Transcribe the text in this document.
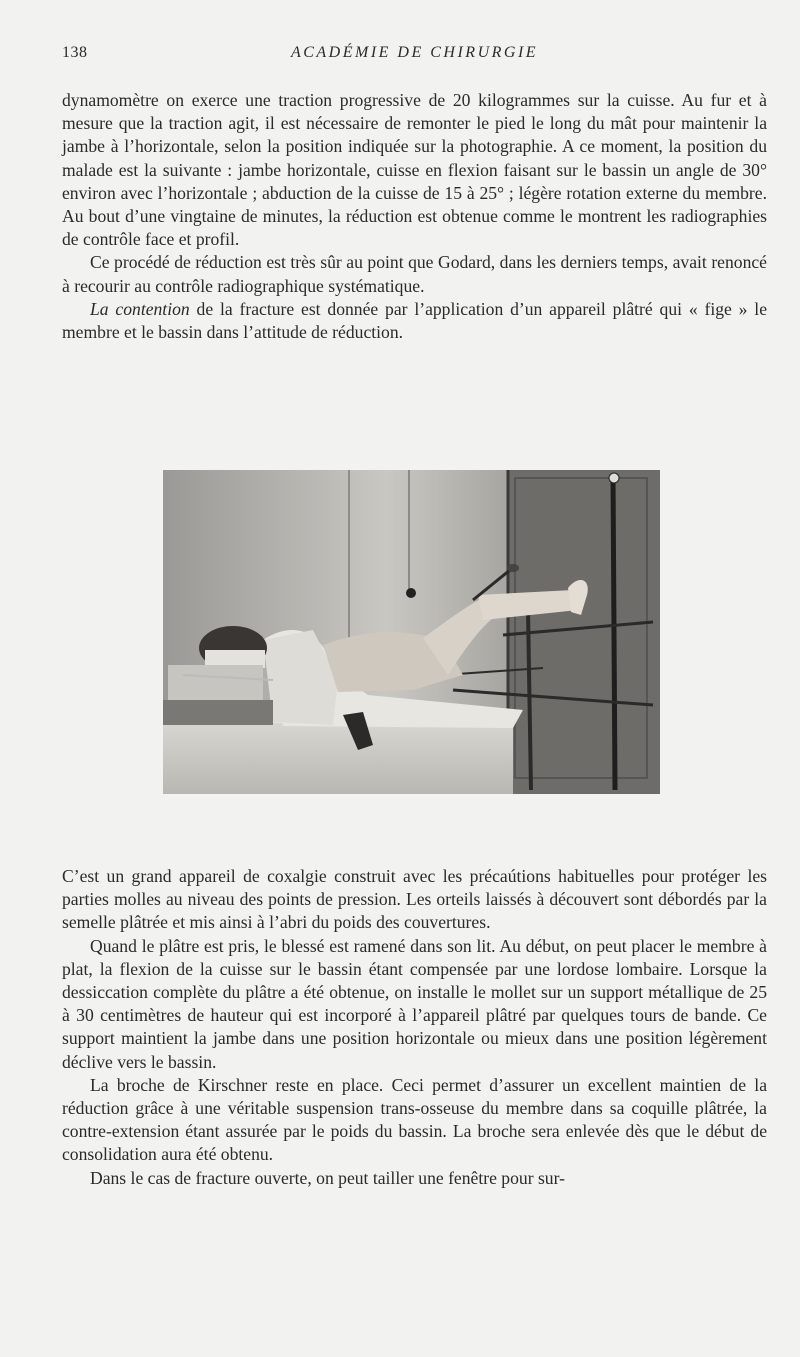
138	ACADÉMIE DE CHIRURGIE

dynamomètre on exerce une traction progressive de 20 kilogrammes sur la cuisse. Au fur et à mesure que la traction agit, il est nécessaire de remonter le pied le long du mât pour maintenir la jambe à l’horizontale, selon la position indiquée sur la photographie. A ce moment, la position du malade est la suivante : jambe horizontale, cuisse en flexion faisant sur le bassin un angle de 30° environ avec l’horizontale ; abduction de la cuisse de 15 à 25° ; légère rotation externe du membre. Au bout d’une vingtaine de minutes, la réduction est obtenue comme le montrent les radiographies de contrôle face et profil.

Ce procédé de réduction est très sûr au point que Godard, dans les derniers temps, avait renoncé à recourir au contrôle radiographique systématique.

La contention de la fracture est donnée par l’application d’un appareil plâtré qui « fige » le membre et le bassin dans l’attitude de réduction.

C’est un grand appareil de coxalgie construit avec les précaútions habituelles pour protéger les parties molles au niveau des points de pression. Les orteils laissés à découvert sont débordés par la semelle plâtrée et mis ainsi à l’abri du poids des couvertures.

Quand le plâtre est pris, le blessé est ramené dans son lit. Au début, on peut placer le membre à plat, la flexion de la cuisse sur le bassin étant compensée par une lordose lombaire. Lorsque la dessiccation complète du plâtre a été obtenue, on installe le mollet sur un support métallique de 25 à 30 centimètres de hauteur qui est incorporé à l’appareil plâtré par quelques tours de bande. Ce support maintient la jambe dans une position horizontale ou mieux dans une position légèrement déclive vers le bassin.

La broche de Kirschner reste en place. Ceci permet d’assurer un excellent maintien de la réduction grâce à une véritable suspension trans-osseuse du membre dans sa coquille plâtrée, la contre-extension étant assurée par le poids du bassin. La broche sera enlevée dès que le début de consolidation aura été obtenu.

Dans le cas de fracture ouverte, on peut tailler une fenêtre pour sur-
